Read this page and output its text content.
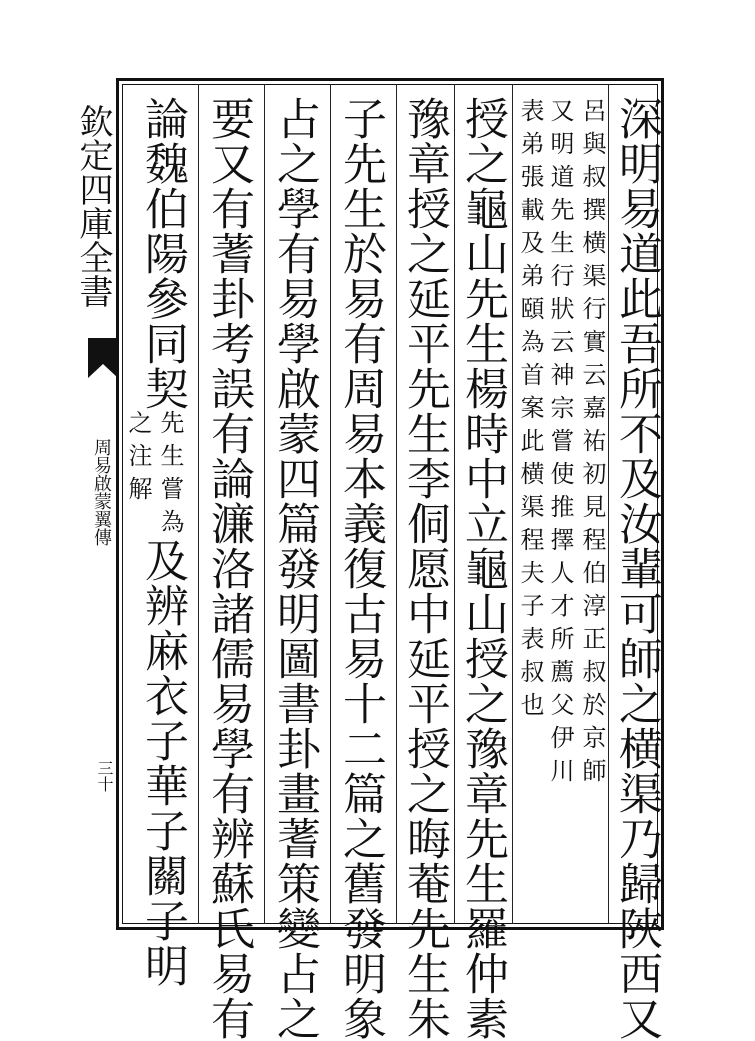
欽定四庫全書
周易啟蒙翼傳
三十	深明易道此吾所不及汝輩可師之横渠乃歸陜西又
呂與叔撰横渠行實云嘉祐初見程伯淳正叔於京師
又明道先生行狀云神宗嘗使推擇人才所薦父伊川
表弟張載及弟頤為首案此横渠程夫子表叔也
授之龜山先生楊時中立龜山授之豫章先生羅仲素
豫章授之延平先生李侗愿中延平授之晦菴先生朱
子先生於易有周易本義復古易十二篇之舊發明象
占之學有易學啟蒙四篇發明圖書卦畫蓍策變占之
要又有蓍卦考誤有論濂洛諸儒易學有辨蘇氏易有
論魏伯陽參同契
先生嘗為
之注解
及辨麻衣子華子關子明
